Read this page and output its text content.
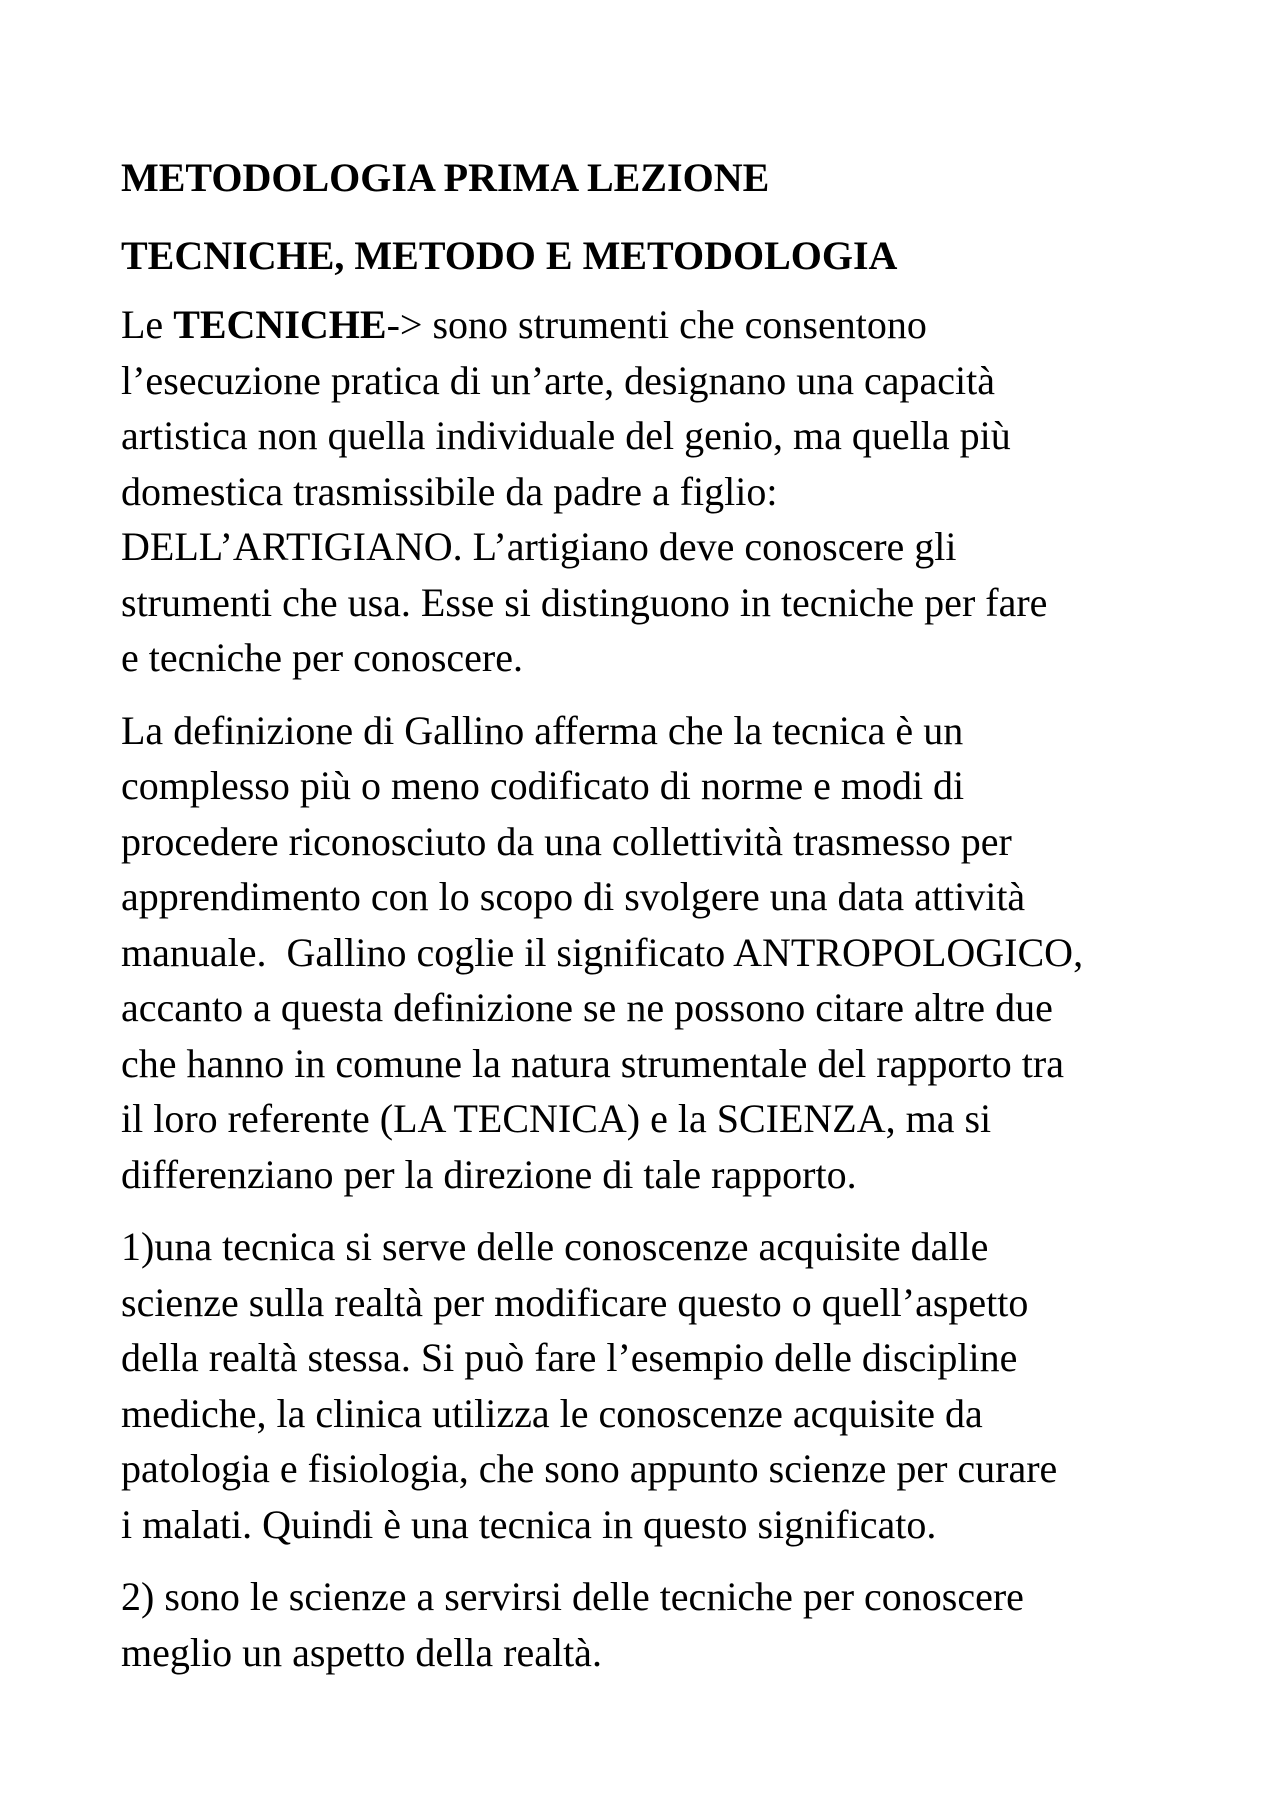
METODOLOGIA PRIMA LEZIONE
TECNICHE, METODO E METODOLOGIA

Le TECNICHE-> sono strumenti che consentono
l’esecuzione pratica di un’arte, designano una capacità
artistica non quella individuale del genio, ma quella più
domestica trasmissibile da padre a figlio:
DELL’ARTIGIANO. L’artigiano deve conoscere gli
strumenti che usa. Esse si distinguono in tecniche per fare
e tecniche per conoscere.

La definizione di Gallino afferma che la tecnica è un
complesso più o meno codificato di norme e modi di
procedere riconosciuto da una collettività trasmesso per
apprendimento con lo scopo di svolgere una data attività
manuale.  Gallino coglie il significato ANTROPOLOGICO,
accanto a questa definizione se ne possono citare altre due
che hanno in comune la natura strumentale del rapporto tra
il loro referente (LA TECNICA) e la SCIENZA, ma si
differenziano per la direzione di tale rapporto.

1)una tecnica si serve delle conoscenze acquisite dalle
scienze sulla realtà per modificare questo o quell’aspetto
della realtà stessa. Si può fare l’esempio delle discipline
mediche, la clinica utilizza le conoscenze acquisite da
patologia e fisiologia, che sono appunto scienze per curare
i malati. Quindi è una tecnica in questo significato.

2) sono le scienze a servirsi delle tecniche per conoscere
meglio un aspetto della realtà.
